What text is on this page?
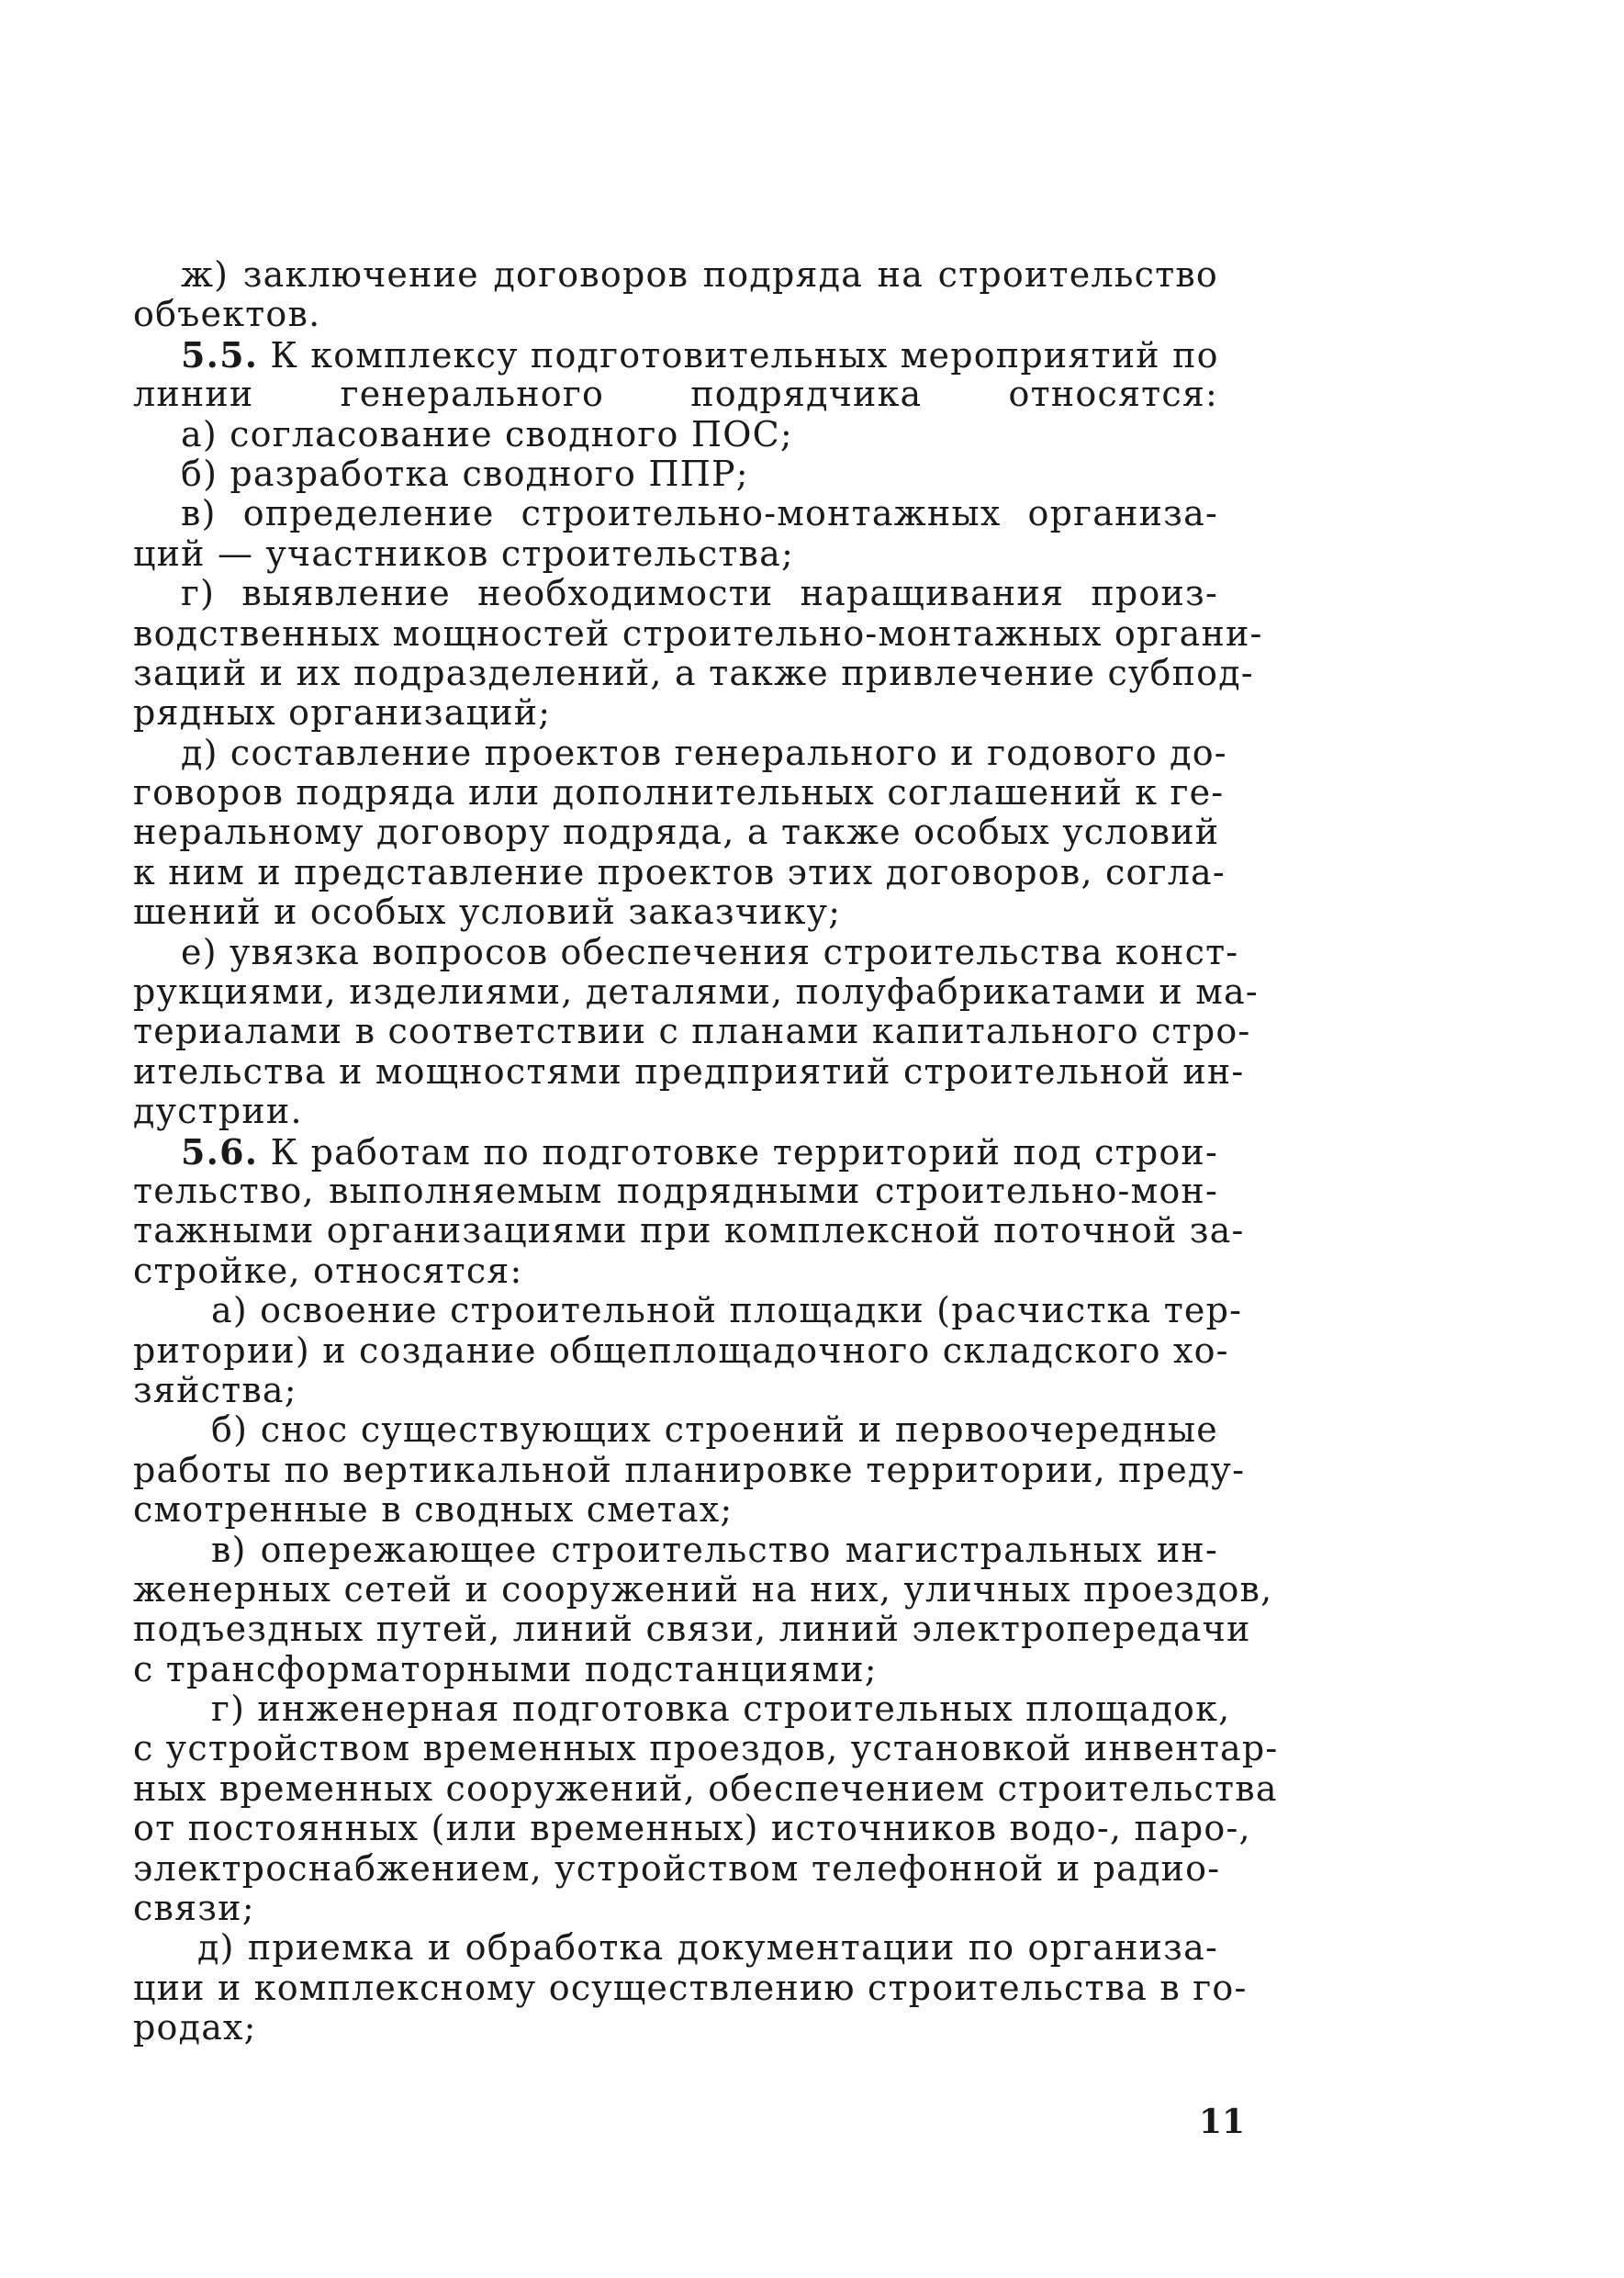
ж) заключение договоров подряда на строительство
объектов.
5.5. К комплексу подготовительных мероприятий по
линии генерального подрядчика относятся:
а) согласование сводного ПОС;
б) разработка сводного ППР;
в) определение строительно-монтажных организа-
ций — участников строительства;
г) выявление необходимости наращивания произ-
водственных мощностей строительно-монтажных органи-
заций и их подразделений, а также привлечение субпод-
рядных организаций;
д) составление проектов генерального и годового до-
говоров подряда или дополнительных соглашений к ге-
неральному договору подряда, а также особых условий
к ним и представление проектов этих договоров, согла-
шений и особых условий заказчику;
е) увязка вопросов обеспечения строительства конст-
рукциями, изделиями, деталями, полуфабрикатами и ма-
териалами в соответствии с планами капитального стро-
ительства и мощностями предприятий строительной ин-
дустрии.
5.6. К работам по подготовке территорий под строи-
тельство, выполняемым подрядными строительно-мон-
тажными организациями при комплексной поточной за-
стройке, относятся:
а) освоение строительной площадки (расчистка тер-
ритории) и создание общеплощадочного складского хо-
зяйства;
б) снос существующих строений и первоочередные
работы по вертикальной планировке территории, преду-
смотренные в сводных сметах;
в) опережающее строительство магистральных ин-
женерных сетей и сооружений на них, уличных проездов,
подъездных путей, линий связи, линий электропередачи
с трансформаторными подстанциями;
г) инженерная подготовка строительных площадок,
с устройством временных проездов, установкой инвентар-
ных временных сооружений, обеспечением строительства
от постоянных (или временных) источников водо-, паро-,
электроснабжением, устройством телефонной и радио-
связи;
д) приемка и обработка документации по организа-
ции и комплексному осуществлению строительства в го-
родах;
11
